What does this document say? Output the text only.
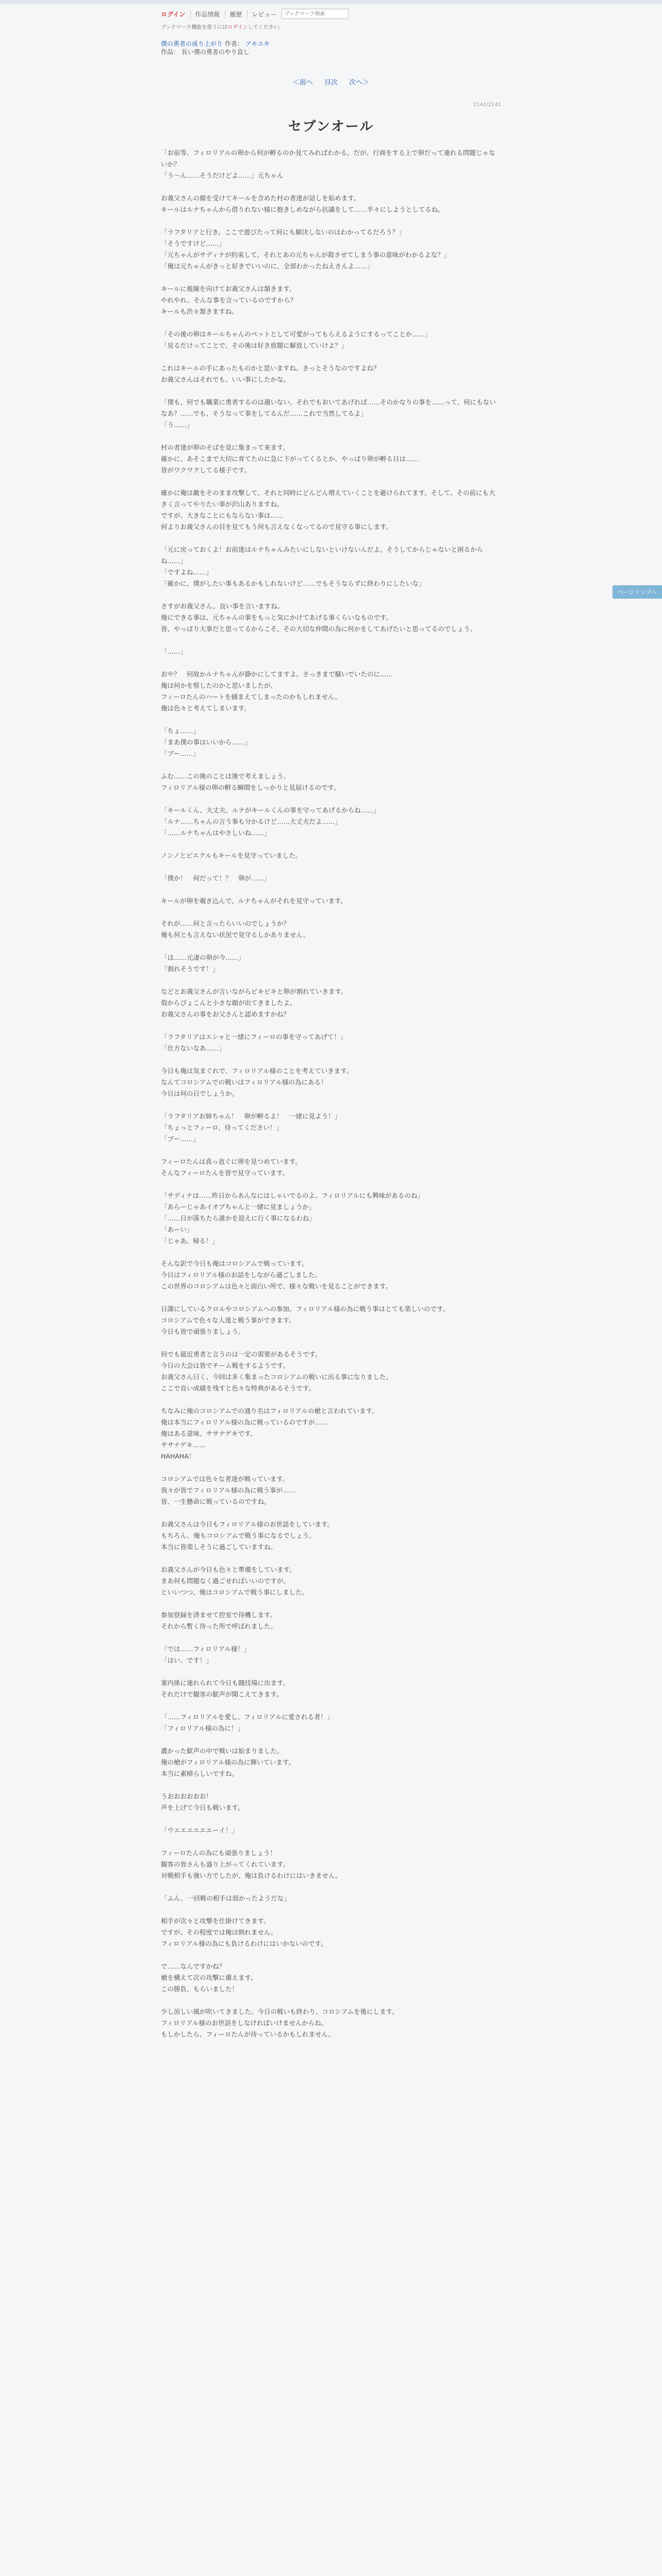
ログイン	作品情報	履歴	レビュー
ブックマーク検索
ブックマーク機能を使うにはログインしてください。
僕の勇者の成り上がり 作者： アキユキ
作品： 長い僕の勇者のやり直し
＜前へ 目次 次へ＞
2141/2141
セブンオール

「お前等、フィロリアルの卵から何が孵るのか見てみればわかる。だが、行商をする上で卵だって連れる問題じゃないか？
「う〜ん……そうだけどよ……」元ちゃん

お義父さんの顔を受けてキールを含めた村の者達が話しを始めます。
キールはルナちゃんから借りれない様に抱きしめながら抗議をして……半々にしようとしてるね。

「ラフタリアと行き。ここで遊びたって何にも解決しないのはわかってるだろう？」
「そうですけど……」
「元ちゃんがサディナが約束して。それとあの元ちゃんが殺させてしまう事の意味がわかるよな？」
「俺は元ちゃんがきっと好きでいいのに、全部わかったねえさんよ……」

キールに視線を向けてお義父さんは頷きます。
やれやれ、そんな事を言っているのですから？
キールも渋々頷きますね。

「その後の卵はキールちゃんのペットとして可愛がってもらえるようにするってことか……」
「見るだけってことで、その後は好き放題に解放していけよ？」

これはキールの手にあったものかと思いますね。きっとそうなのですよね？
お義父さんはそれでも、いい事にしたかな。

「僕も、何でも職業に勇者するのは適いない。それでもおいてあげれば……そのかなりの事を……って、何にもないなあ？……でも、そうなって事をしてるんだ……これで当然してるよ」
「う……」

村の者達が卵のそばを見に集まって来ます。
確かに、あそこまで大切に育てたのに急に下がってくるとか、やっぱり卵が孵る日は……
皆がワクワクしてる様子です。

確かに俺は敵をそのまま攻撃して、それと同時にどんどん増えていくことを避けられてます。そして、その前にも大きく言ってやりたい事が沢山ありますね。
ですが、大きなことにもならない事は……
何よりお義父さんの目を見てもう何も言えなくなってるので見守る事にします。

「元に戻っておくよ！お前達はルナちゃんみたいにしないといけないんだよ。そうしてからじゃないと困るからね……」
「ですよね……」
「確かに、僕がしたい事もあるかもしれないけど……でもそうならずに終わりにしたいな」

さすがお義父さん。良い事を言いますね。
俺にできる事は、元ちゃんの事をもっと気にかけてあげる事くらいなものです。
皆、やっぱり大事だと思ってるからこそ、その大切な仲間の為に何かをしてあげたいと思ってるのでしょう。

「……」

おや？　何故かルナちゃんが静かにしてますよ。さっきまで騒いでいたのに……
俺は何かを察したのかと思いましたが、
フィーロたんのハートを捕まえてしまったのかもしれません。
俺は色々と考えてしまいます。

「ちょ……」
「まあ僕の事はいいから……」
「ブー……」

ふむ……この後のことは後で考えましょう。
フィロリアル様の卵の孵る瞬間をしっかりと見届けるのです。

「キールくん、大丈夫。ルナがキールくんの事を守ってあげるからね……」
「ルナ……ちゃんの言う事も分かるけど……大丈夫だよ……」
「……ルナちゃんはやさしいね……」

ノンノとピエクルもキールを見守っていました。

「僕か！　何だって！？　卵が……」

キールが卵を覗き込んで、ルナちゃんがそれを見守っています。

それが……何と言ったらいいのでしょうか？
俺も何とも言えない状況で見守るしかありません。

「ほ……元凄の卵が今……」
「割れそうです！」

などとお義父さんが言いながらピキピキと卵が割れていきます。
殻からぴょこんと小さな顔が出てきましたよ。
お義父さんの事をお父さんと認めますかね？

「ラフタリアはエシャと一緒にフィーロの事を守ってあげて！」
「仕方ないなあ……」

今日も俺は気まぐれで、フィロリアル様のことを考えていきます。
なんてコロシアムでの戦いはフィロリアル様の為にある！
今日は何の日でしょうか。

「ラフタリアお姉ちゃん！　卵が孵るよ！　一緒に見よう！」
「ちょっとフィーロ、待ってください！」
「ブー……」

フィーロたんは真っ直ぐに卵を見つめています。
そんなフィーロたんを皆で見守っています。

「サディナは……昨日からあんなにはしゃいでるのよ。フィロリアルにも興味があるのね」
「あらーじゃあイオプちゃんと一緒に見ましょうか」
「……日が落ちたら誰かを迎えに行く事になるわね」
「あーい」
「じゃあ、帰る！」

そんな訳で今日も俺はコロシアムで戦っています。
今日はフィロリアル様のお話をしながら過ごしました。
この世界のコロシアムは色々と面白い所で、様々な戦いを見ることができます。

日課にしているクロルやコロシアムへの参加。フィロリアル様の為に戦う事はとても楽しいのです。
コロシアムで色々な人達と戦う事ができます。
今日も皆で頑張りましょう。

何でも最近勇者と言うのは一定の需要があるそうです。
今日の大会は皆でチーム戦をするようです。
お義父さん曰く、今回は多く集まったコロシアムの戦いに出る事になりました。
ここで良い成績を残すと色々な特典があるそうです。

ちなみに俺のコロシアムでの通り名はフィロリアルの槍と言われています。
俺は本当にフィロリアル様の為に戦っているのですが……
俺はある意味、ササナゲキです。
ササナゲキ……
HAHAHA！

コロシアムでは色々な者達が戦っています。
我々が皆でフィロリアル様の為に戦う事が……
皆、一生懸命に戦っているのですね。

お義父さんは今日もフィロリアル様のお世話をしています。
もちろん、俺もコロシアムで戦う事になるでしょう。
本当に皆楽しそうに過ごしていますね。

お義父さんが今日も色々と準備をしています。
まあ何も問題なく過ごせればいいのですが。
といいつつ、俺はコロシアムで戦う事にしました。

参加登録を済ませて控室で待機します。
それから暫く待った所で呼ばれました。

「では……フィロリアル様！」
「はい、です！」

案内係に連れられて今日も闘技場に出ます。
それだけで観客の歓声が聞こえてきます。

「……フィロリアルを愛し、フィロリアルに愛される者！」
「フィロリアル様の為に！」

濃かった歓声の中で戦いは始まりました。
俺の槍がフィロリアル様の為に輝いています。
本当に素晴らしいですね。

うおおおおおお！
声を上げて今日も戦います。

「ウエエエエエエーイ！」

フィーロたんの為にも頑張りましょう！
観客の皆さんも盛り上がってくれています。
対戦相手も強い方でしたが、俺は負けるわけにはいきません。

「ふん、一回戦の相手は弱かったようだな」

相手が次々と攻撃を仕掛けてきます。
ですが、その程度では俺は倒れません。
フィロリアル様の為にも負けるわけにはいかないのです。

で……なんですかね？
槍を構えて次の攻撃に備えます。
この勝負、もらいました！

少し涼しい風が吹いてきました。今日の戦いも終わり、コロシアムを後にします。
フィロリアル様のお世話をしなければいけませんからね。
もしかしたら、フィーロたんが待っているかもしれません。

ページトップへ
